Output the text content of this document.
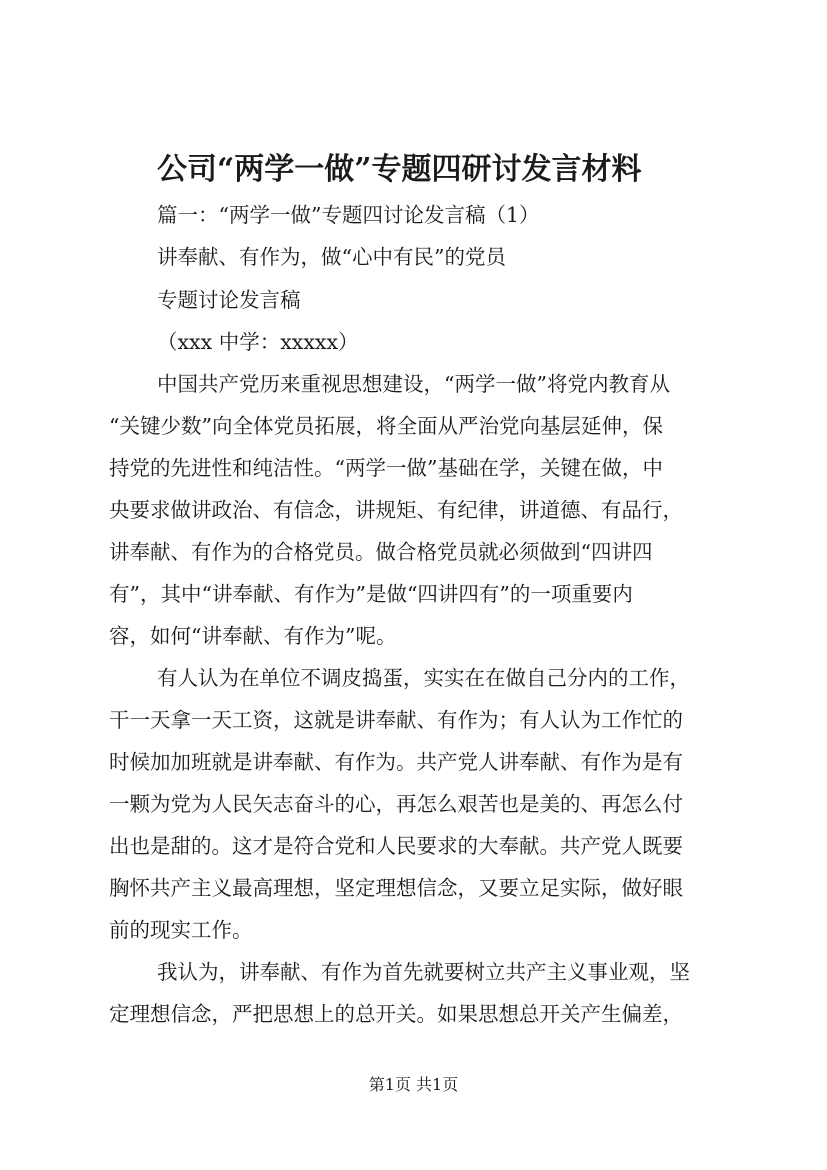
公司“两学一做”专题四研讨发言材料
篇一：“两学一做”专题四讨论发言稿（1）
讲奉献、有作为，做“心中有民”的党员
专题讨论发言稿
（xxx 中学：xxxxx）
中国共产党历来重视思想建设，“两学一做”将党内教育从
“关键少数”向全体党员拓展，将全面从严治党向基层延伸，保
持党的先进性和纯洁性。“两学一做”基础在学，关键在做，中
央要求做讲政治、有信念，讲规矩、有纪律，讲道德、有品行，
讲奉献、有作为的合格党员。做合格党员就必须做到“四讲四
有”，其中“讲奉献、有作为”是做“四讲四有”的一项重要内
容，如何“讲奉献、有作为”呢。
有人认为在单位不调皮捣蛋，实实在在做自己分内的工作，
干一天拿一天工资，这就是讲奉献、有作为；有人认为工作忙的
时候加加班就是讲奉献、有作为。共产党人讲奉献、有作为是有
一颗为党为人民矢志奋斗的心，再怎么艰苦也是美的、再怎么付
出也是甜的。这才是符合党和人民要求的大奉献。共产党人既要
胸怀共产主义最高理想，坚定理想信念，又要立足实际，做好眼
前的现实工作。
我认为，讲奉献、有作为首先就要树立共产主义事业观，坚
定理想信念，严把思想上的总开关。如果思想总开关产生偏差，
第1页 共1页
